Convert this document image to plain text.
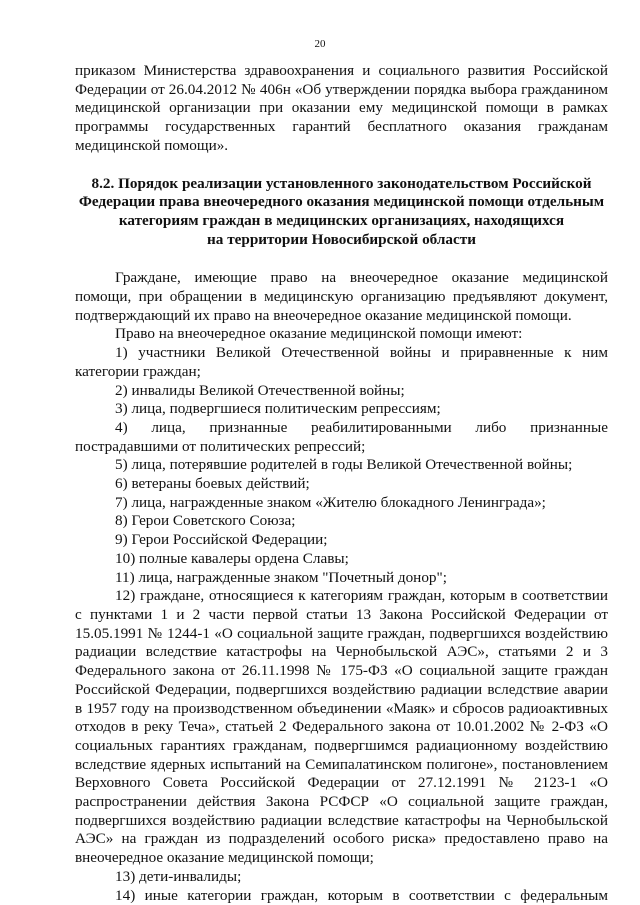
20

приказом Министерства здравоохранения и социального развития Российской

Федерации от 26.04.2012 № 406н «Об утверждении порядка выбора гражданином

медицинской организации при оказании ему медицинской помощи в рамках

программы государственных гарантий бесплатного оказания гражданам

медицинской помощи».

8.2. Порядок реализации установленного законодательством Российской

Федерации права внеочередного оказания медицинской помощи отдельным

категориям граждан в медицинских организациях, находящихся

на территории Новосибирской области

Граждане, имеющие право на внеочередное оказание медицинской помощи, при обращении в медицинскую организацию предъявляют документ, подтверждающий их право на внеочередное оказание медицинской помощи.

Право на внеочередное оказание медицинской помощи имеют:

1) участники Великой Отечественной войны и приравненные к ним категории граждан;

2) инвалиды Великой Отечественной войны;

3) лица, подвергшиеся политическим репрессиям;

4) лица, признанные реабилитированными либо признанные пострадавшими от политических репрессий;

5) лица, потерявшие родителей в годы Великой Отечественной войны;

6) ветераны боевых действий;

7) лица, награжденные знаком «Жителю блокадного Ленинграда»;

8) Герои Советского Союза;

9) Герои Российской Федерации;

10) полные кавалеры ордена Славы;

11) лица, награжденные знаком "Почетный донор";

12) граждане, относящиеся к категориям граждан, которым в соответствии с пунктами 1 и 2 части первой статьи 13 Закона Российской Федерации от 15.05.1991 № 1244-1 «О социальной защите граждан, подвергшихся воздействию радиации вследствие катастрофы на Чернобыльской АЭС», статьями 2 и 3 Федерального закона от 26.11.1998 № 175-ФЗ «О социальной защите граждан Российской Федерации, подвергшихся воздействию радиации вследствие аварии в 1957 году на производственном объединении «Маяк» и сбросов радиоактивных отходов в реку Теча», статьей 2 Федерального закона от 10.01.2002 № 2-ФЗ «О социальных гарантиях гражданам, подвергшимся радиационному воздействию вследствие ядерных испытаний на Семипалатинском полигоне», постановлением Верховного Совета Российской Федерации от 27.12.1991 № 2123-1 «О распространении действия Закона РСФСР «О социальной защите граждан, подвергшихся воздействию радиации вследствие катастрофы на Чернобыльской АЭС» на граждан из подразделений особого риска» предоставлено право на внеочередное оказание медицинской помощи;

13) дети-инвалиды;

14) иные категории граждан, которым в соответствии с федеральным
